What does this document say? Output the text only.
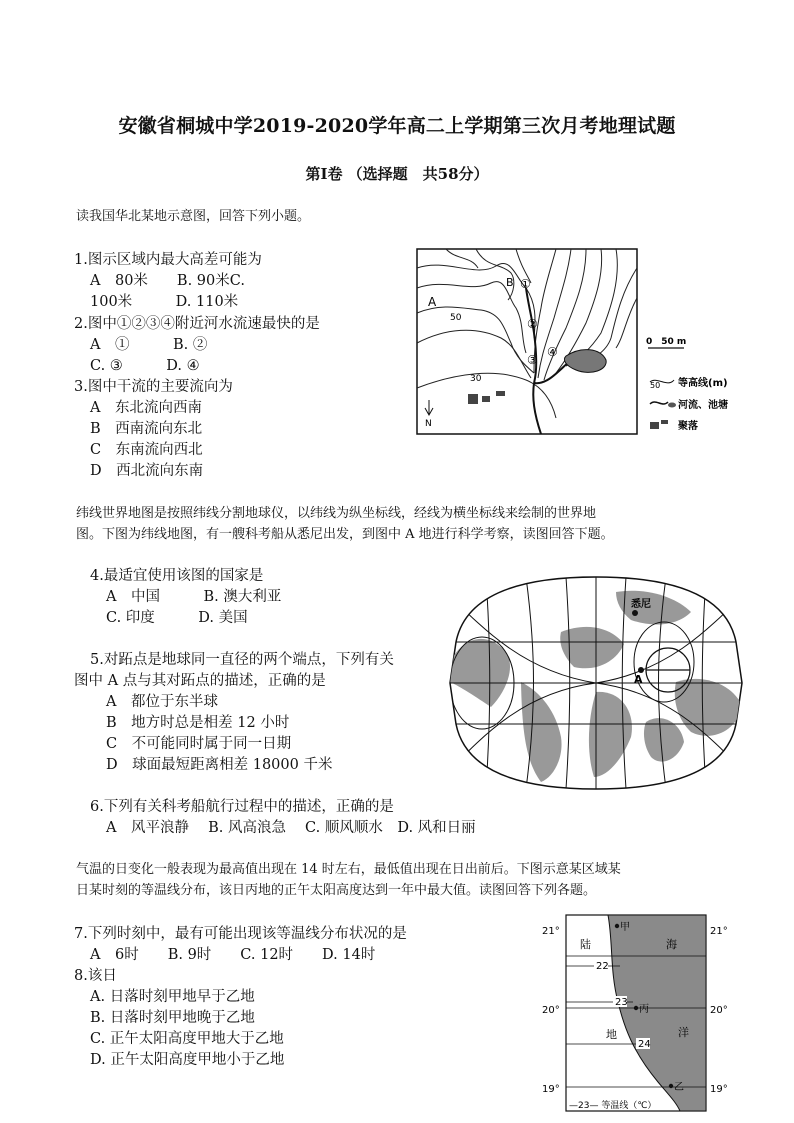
安徽省桐城中学2019-2020学年高二上学期第三次月考地理试题
第Ⅰ卷 （选择题　共58分）
读我国华北某地示意图，回答下列小题。
1.图示区域内最大高差可能为
A　80米　　B. 90米C.
100米　　　D. 110米
2.图中①②③④附近河水流速最快的是
A　①　　　B. ②
C. ③　　　D. ④
3.图中干流的主要流向为
A　东北流向西南
B　西南流向东北
C　东南流向西北
D　西北流向东南
A
B ①
②
③
④
50
30
N
0　50 m
50 等高线(m)
河流、池塘
聚落
纬线世界地图是按照纬线分割地球仪，以纬线为纵坐标线，经线为横坐标线来绘制的世界地
图。下图为纬线地图，有一艘科考船从悉尼出发，到图中 A 地进行科学考察，读图回答下题。
4.最适宜使用该图的国家是
A　中国　　　B. 澳大利亚
C. 印度　　　D. 美国
5.对跖点是地球同一直径的两个端点，下列有关
图中 A 点与其对跖点的描述，正确的是
A　都位于东半球
B　地方时总是相差 12 小时
C　不可能同时属于同一日期
D　球面最短距离相差 18000 千米
悉尼
A
6.下列有关科考船航行过程中的描述，正确的是
A　风平浪静　 B. 风高浪急　 C. 顺风顺水　D. 风和日丽
气温的日变化一般表现为最高值出现在 14 时左右，最低值出现在日出前后。下图示意某区域某
日某时刻的等温线分布，该日丙地的正午太阳高度达到一年中最大值。读图回答下列各题。
7.下列时刻中，最有可能出现该等温线分布状况的是
A　6时　　B. 9时　　C. 12时　　D. 14时
8.该日
A. 日落时刻甲地早于乙地
B. 日落时刻甲地晚于乙地
C. 正午太阳高度甲地大于乙地
D. 正午太阳高度甲地小于乙地
21°
20°
19°
21°
20°
19°
22
23
24
甲
丙
乙
陆
地
海
洋
—23— 等温线（℃）
